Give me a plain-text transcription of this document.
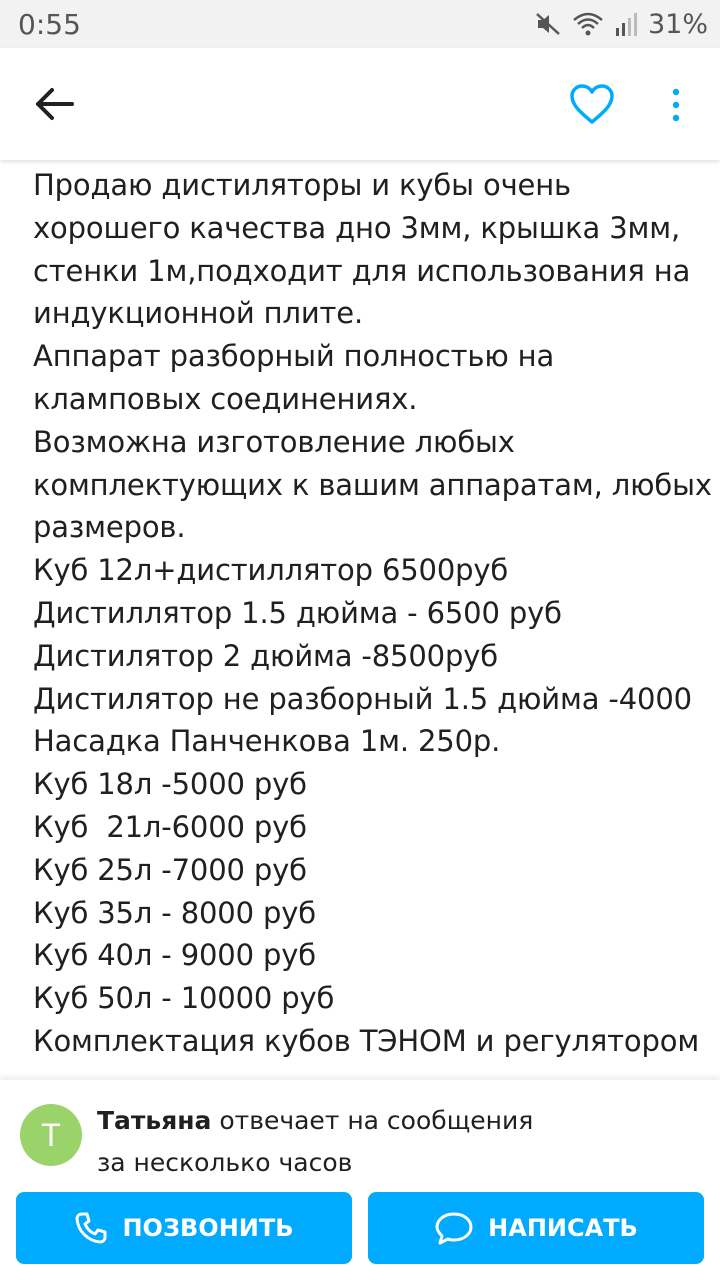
0:55	31%
Продаю дистиляторы и кубы очень
хорошего качества дно 3мм, крышка 3мм,
стенки 1м,подходит для использования на
индукционной плите.
Аппарат разборный полностью на
кламповых соединениях.
Возможна изготовление любых
комплектующих к вашим аппаратам, любых
размеров.
Куб 12л+дистиллятор 6500руб
Дистиллятор 1.5 дюйма - 6500 руб
Дистилятор 2 дюйма -8500руб
Дистилятор не разборный 1.5 дюйма -4000
Насадка Панченкова 1м. 250р.
Куб 18л -5000 руб
Куб  21л-6000 руб
Куб 25л -7000 руб
Куб 35л - 8000 руб
Куб 40л - 9000 руб
Куб 50л - 10000 руб
Комплектация кубов ТЭНОМ и регулятором
Т	Татьяна отвечает на сообщения
за несколько часов
ПОЗВОНИТЬ	НАПИСАТЬ
